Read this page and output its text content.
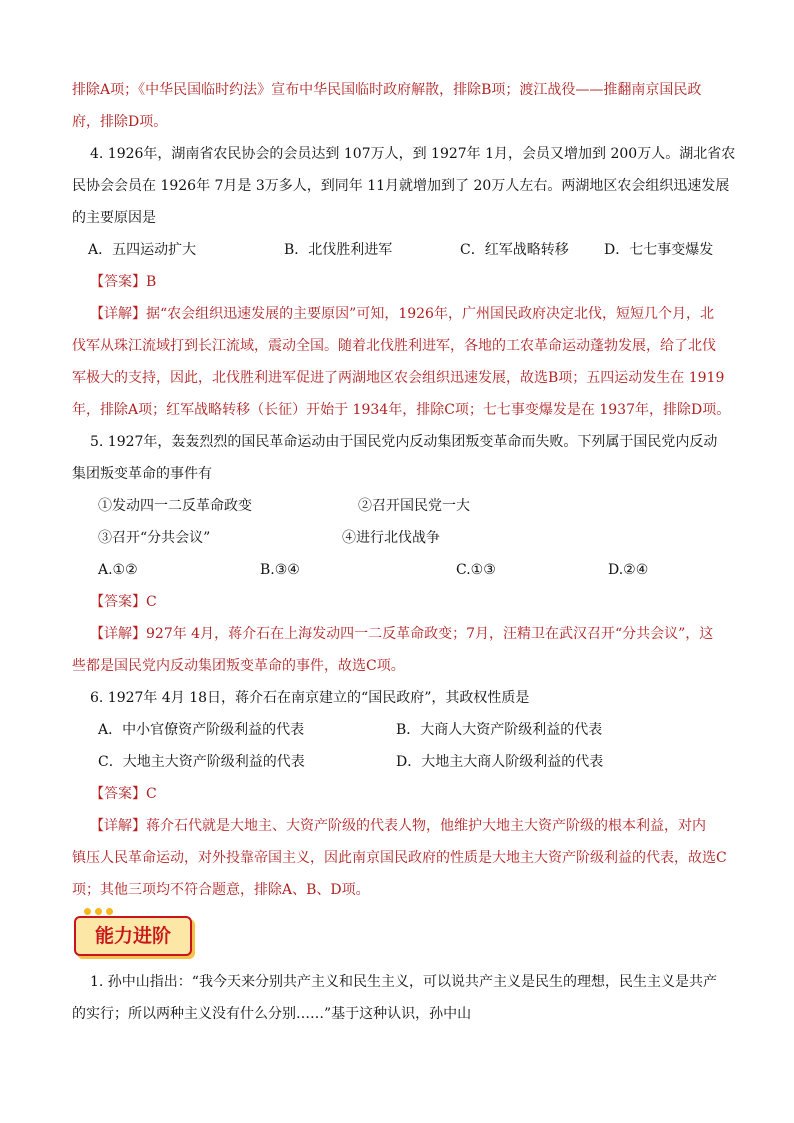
排除A项；《中华民国临时约法》宣布中华民国临时政府解散，排除B项；渡江战役——推翻南京国民政
府，排除D项。
4. 1926年，湖南省农民协会的会员达到 107万人，到 1927年 1月，会员又增加到 200万人。湖北省农
民协会会员在 1926年 7月是 3万多人，到同年 11月就增加到了 20万人左右。两湖地区农会组织迅速发展
的主要原因是
A．五四运动扩大	B．北伐胜利进军	C．红军战略转移	D．七七事变爆发
【答案】B
【详解】据“农会组织迅速发展的主要原因”可知，1926年，广州国民政府决定北伐，短短几个月，北
伐军从珠江流域打到长江流域，震动全国。随着北伐胜利进军，各地的工农革命运动蓬勃发展，给了北伐
军极大的支持，因此，北伐胜利进军促进了两湖地区农会组织迅速发展，故选B项；五四运动发生在 1919
年，排除A项；红军战略转移（长征）开始于 1934年，排除C项；七七事变爆发是在 1937年，排除D项。
5. 1927年，轰轰烈烈的国民革命运动由于国民党内反动集团叛变革命而失败。下列属于国民党内反动
集团叛变革命的事件有
①发动四一二反革命政变	②召开国民党一大
③召开“分共会议”	④进行北伐战争
A.①②	B.③④	C.①③	D.②④
【答案】C
【详解】927年 4月，蒋介石在上海发动四一二反革命政变；7月，汪精卫在武汉召开“分共会议”，这
些都是国民党内反动集团叛变革命的事件，故选C项。
6. 1927年 4月 18日，蒋介石在南京建立的“国民政府”，其政权性质是
A．中小官僚资产阶级利益的代表	B．大商人大资产阶级利益的代表
C．大地主大资产阶级利益的代表	D．大地主大商人阶级利益的代表
【答案】C
【详解】蒋介石代就是大地主、大资产阶级的代表人物，他维护大地主大资产阶级的根本利益，对内
镇压人民革命运动，对外投靠帝国主义，因此南京国民政府的性质是大地主大资产阶级利益的代表，故选C
项；其他三项均不符合题意，排除A、B、D项。
能力进阶
1. 孙中山指出：“我今天来分别共产主义和民生主义，可以说共产主义是民生的理想，民生主义是共产
的实行；所以两种主义没有什么分别……”基于这种认识，孙中山
